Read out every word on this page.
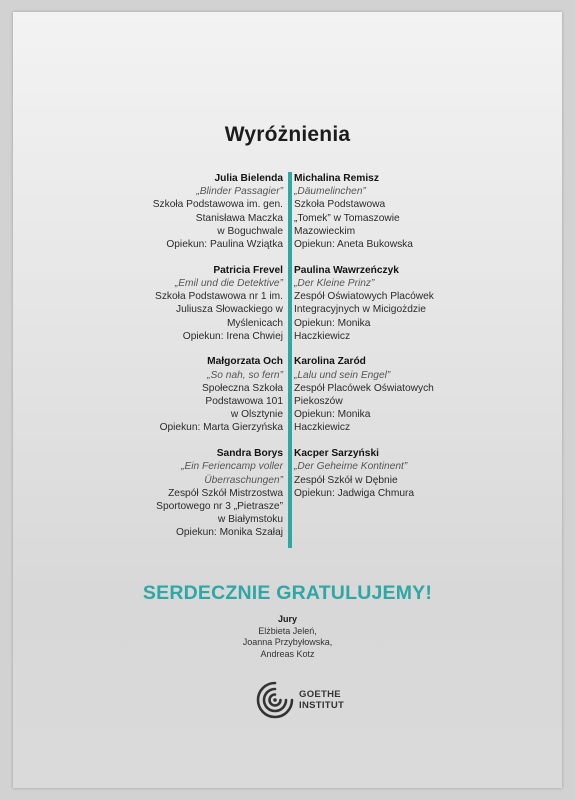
Wyróżnienia
Julia Bielenda
„Blinder Passagier”
Szkoła Podstawowa im. gen.
Stanisława Maczka
w Boguchwale
Opiekun: Paulina Wziątka
Patricia Frevel
„Emil und die Detektive”
Szkoła Podstawowa nr 1 im.
Juliusza Słowackiego w
Myślenicach
Opiekun: Irena Chwiej
Małgorzata Och
„So nah, so fern”
Społeczna Szkoła
Podstawowa 101
w Olsztynie
Opiekun: Marta Gierzyńska
Sandra Borys
„Ein Feriencamp voller Überraschungen”
Zespół Szkół Mistrzostwa
Sportowego nr 3 „Pietrasze”
w Białymstoku
Opiekun: Monika Szałaj
Michalina Remisz
„Däumelinchen”
Szkoła Podstawowa
„Tomek” w Tomaszowie
Mazowieckim
Opiekun: Aneta Bukowska
Paulina Wawrzeńczyk
„Der Kleine Prinz”
Zespół Oświatowych Placówek
Integracyjnych w Micigożdzie
Opiekun: Monika
Haczkiewicz
Karolina Zaród
„Lalu und sein Engel”
Zespół Placówek Oświatowych
Piekoszów
Opiekun: Monika
Haczkiewicz
Kacper Sarzyński
„Der Geheime Kontinent”
Zespół Szkół w Dębnie
Opiekun: Jadwiga Chmura
SERDECZNIE GRATULUJEMY!
Jury
Elżbieta Jeleń,
Joanna Przybyłowska,
Andreas Kotz
GOETHE
INSTITUT
